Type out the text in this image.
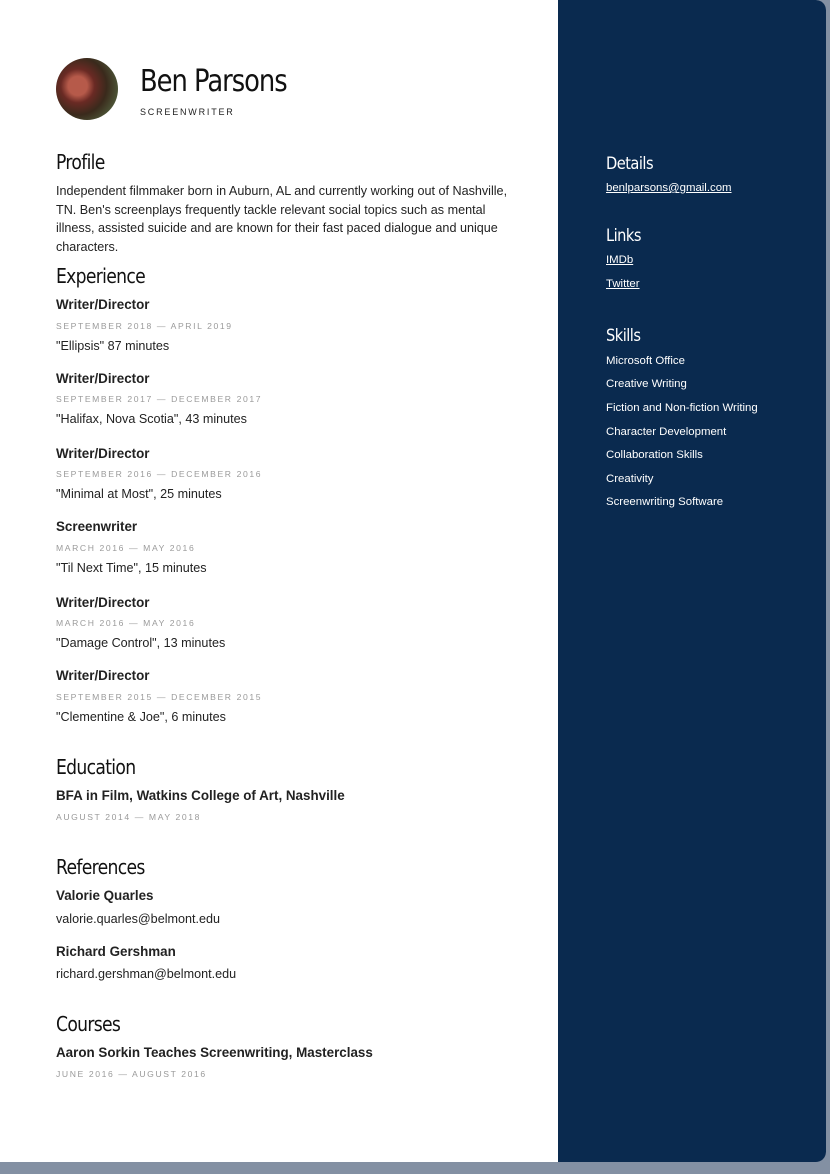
Ben Parsons
SCREENWRITER
Profile
Independent filmmaker born in Auburn, AL and currently working out of Nashville, TN. Ben's screenplays frequently tackle relevant social topics such as mental illness, assisted suicide and are known for their fast paced dialogue and unique characters.
Experience
Writer/Director
SEPTEMBER 2018 — APRIL 2019
"Ellipsis" 87 minutes
Writer/Director
SEPTEMBER 2017 — DECEMBER 2017
"Halifax, Nova Scotia", 43 minutes
Writer/Director
SEPTEMBER 2016 — DECEMBER 2016
"Minimal at Most", 25 minutes
Screenwriter
MARCH 2016 — MAY 2016
"Til Next Time", 15 minutes
Writer/Director
MARCH 2016 — MAY 2016
"Damage Control", 13 minutes
Writer/Director
SEPTEMBER 2015 — DECEMBER 2015
"Clementine & Joe", 6 minutes
Education
BFA in Film, Watkins College of Art, Nashville
AUGUST 2014 — MAY 2018
References
Valorie Quarles
valorie.quarles@belmont.edu
Richard Gershman
richard.gershman@belmont.edu
Courses
Aaron Sorkin Teaches Screenwriting, Masterclass
JUNE 2016 — AUGUST 2016
Details
benlparsons@gmail.com
Links
IMDb
Twitter
Skills
Microsoft Office
Creative Writing
Fiction and Non-fiction Writing
Character Development
Collaboration Skills
Creativity
Screenwriting Software
